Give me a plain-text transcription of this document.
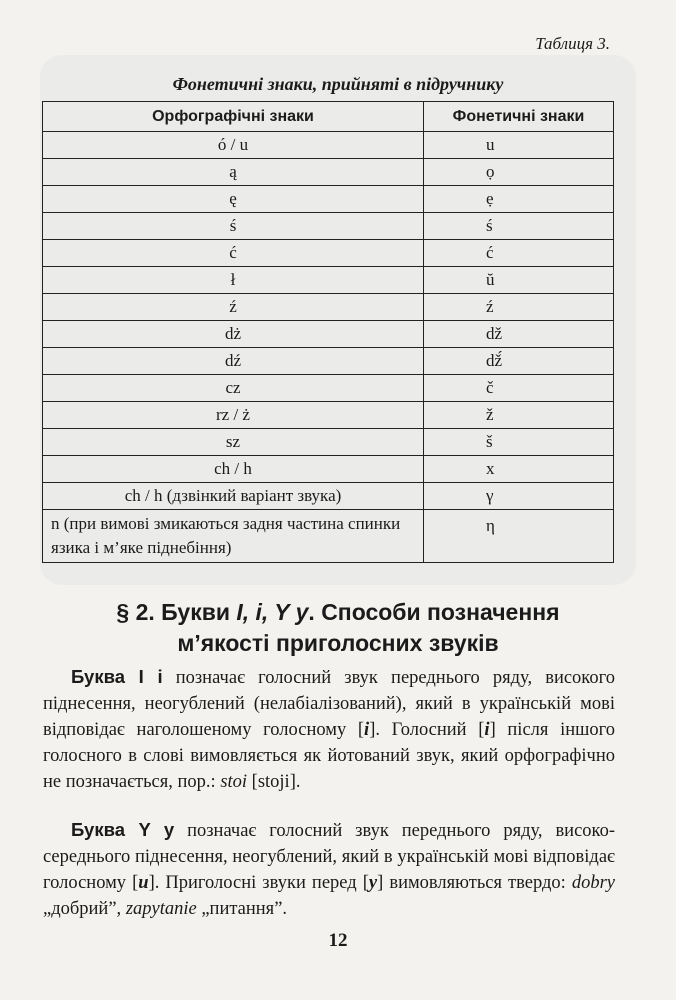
Таблиця 3.
Фонетичні знаки, прийняті в підручнику
Орфографічні знаки	Фонетичні знаки
ó / u	u
ą	ọ
ę	ẹ
ś	ś
ć	ć
ł	ŭ
ź	ź
dż	dž
dź	dž́
cz	č
rz / ż	ž
sz	š
ch / h	x
ch / h (дзвінкий варіант звука)	γ
n (при вимові змикаються задня частина спинки язика і м’яке піднебіння)	η
§ 2. Букви I, i, Y y. Способи позначення
м’якості приголосних звуків

Буква I i позначає голосний звук переднього ряду, високого піднесення, неогублений (нелабіалізований), який в українській мові відповідає наголошеному голосному [і]. Голосний [і] після іншого голосного в слові вимовляється як йотований звук, який орфографічно не позначається, пор.: stoi [stoji].

Буква Y y позначає голосний звук переднього ряду, високо-середнього піднесення, неогублений, який в українській мові відповідає голосному [и]. Приголосні звуки перед [y] вимовляються твердо: dobry „добрий”, zapytanie „питання”.

12
